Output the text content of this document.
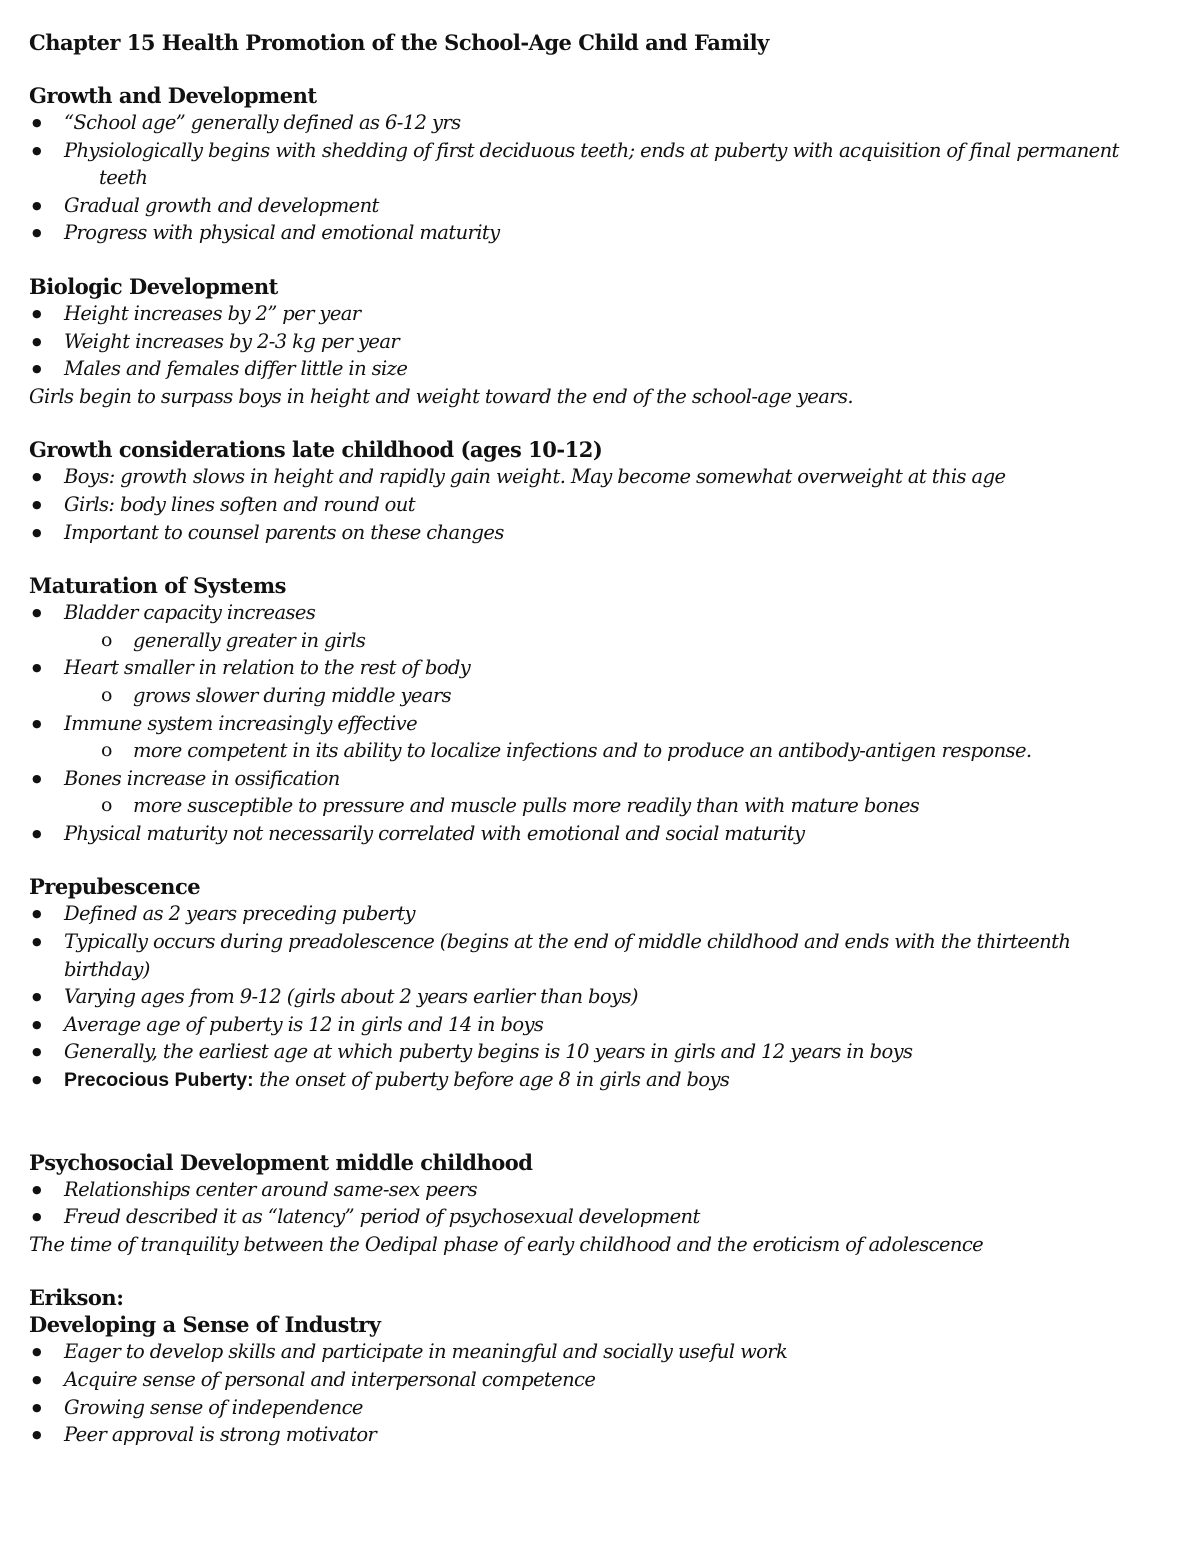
Chapter 15 Health Promotion of the School-Age Child and Family
Growth and Development
● “School age” generally defined as 6-12 yrs
● Physiologically begins with shedding of first deciduous teeth; ends at puberty with acquisition of final permanent
teeth
● Gradual growth and development
● Progress with physical and emotional maturity
Biologic Development
● Height increases by 2” per year
● Weight increases by 2-3 kg per year
● Males and females differ little in size
Girls begin to surpass boys in height and weight toward the end of the school-age years.
Growth considerations late childhood (ages 10-12)
● Boys: growth slows in height and rapidly gain weight. May become somewhat overweight at this age
● Girls: body lines soften and round out
● Important to counsel parents on these changes
Maturation of Systems
● Bladder capacity increases
o generally greater in girls
● Heart smaller in relation to the rest of body
o grows slower during middle years
● Immune system increasingly effective
o more competent in its ability to localize infections and to produce an antibody-antigen response.
● Bones increase in ossification
o more susceptible to pressure and muscle pulls more readily than with mature bones
● Physical maturity not necessarily correlated with emotional and social maturity
Prepubescence
● Defined as 2 years preceding puberty
● Typically occurs during preadolescence (begins at the end of middle childhood and ends with the thirteenth
birthday)
● Varying ages from 9-12 (girls about 2 years earlier than boys)
● Average age of puberty is 12 in girls and 14 in boys
● Generally, the earliest age at which puberty begins is 10 years in girls and 12 years in boys
● Precocious Puberty: the onset of puberty before age 8 in girls and boys
Psychosocial Development middle childhood
● Relationships center around same-sex peers
● Freud described it as “latency” period of psychosexual development
The time of tranquility between the Oedipal phase of early childhood and the eroticism of adolescence
Erikson:
Developing a Sense of Industry
● Eager to develop skills and participate in meaningful and socially useful work
● Acquire sense of personal and interpersonal competence
● Growing sense of independence
● Peer approval is strong motivator
